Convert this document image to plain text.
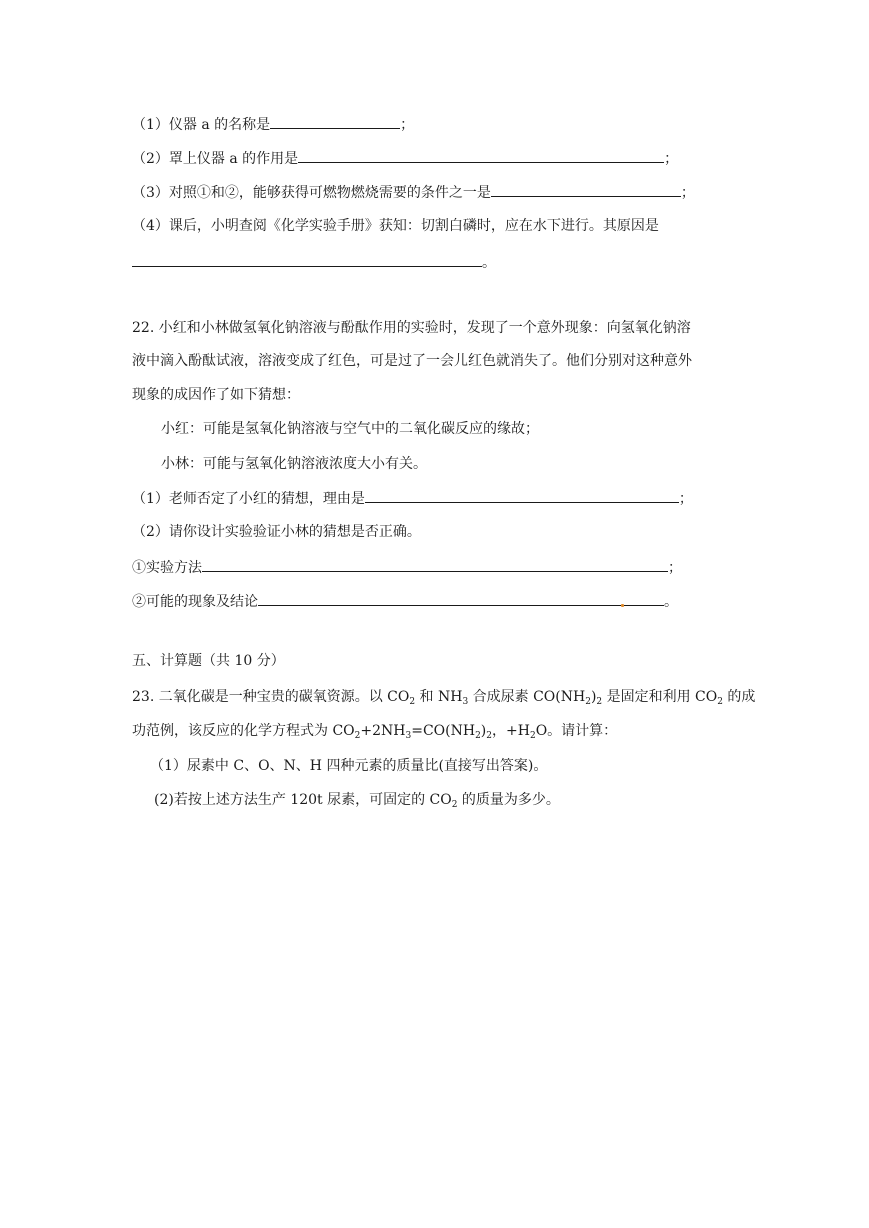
（1）仪器 a 的名称是	；
（2）罩上仪器 a 的作用是	；
（3）对照①和②，能够获得可燃物燃烧需要的条件之一是	；
（4）课后，小明查阅《化学实验手册》获知：切割白磷时，应在水下进行。其原因是
。
22. 小红和小林做氢氧化钠溶液与酚酞作用的实验时，发现了一个意外现象：向氢氧化钠溶
液中滴入酚酞试液，溶液变成了红色，可是过了一会儿红色就消失了。他们分别对这种意外
现象的成因作了如下猜想：
小红：可能是氢氧化钠溶液与空气中的二氧化碳反应的缘故；
小林：可能与氢氧化钠溶液浓度大小有关。
（1）老师否定了小红的猜想，理由是	；
（2）请你设计实验验证小林的猜想是否正确。
①实验方法	；
②可能的现象及结论	。
五、计算题（共 10 分）
23. 二氧化碳是一种宝贵的碳氧资源。以 $CO_2$ 和 $NH_3$ 合成尿素 $CO(NH_2)_2$ 是固定和利用 $CO_2$ 的成
功范例，该反应的化学方程式为 $CO_2+2NH_3=CO(NH_2)_2$，$+H_2O$。请计算：
（1）尿素中 C、O、N、H 四种元素的质量比(直接写出答案)。
(2)若按上述方法生产 120t 尿素，可固定的 $CO_2$ 的质量为多少。
